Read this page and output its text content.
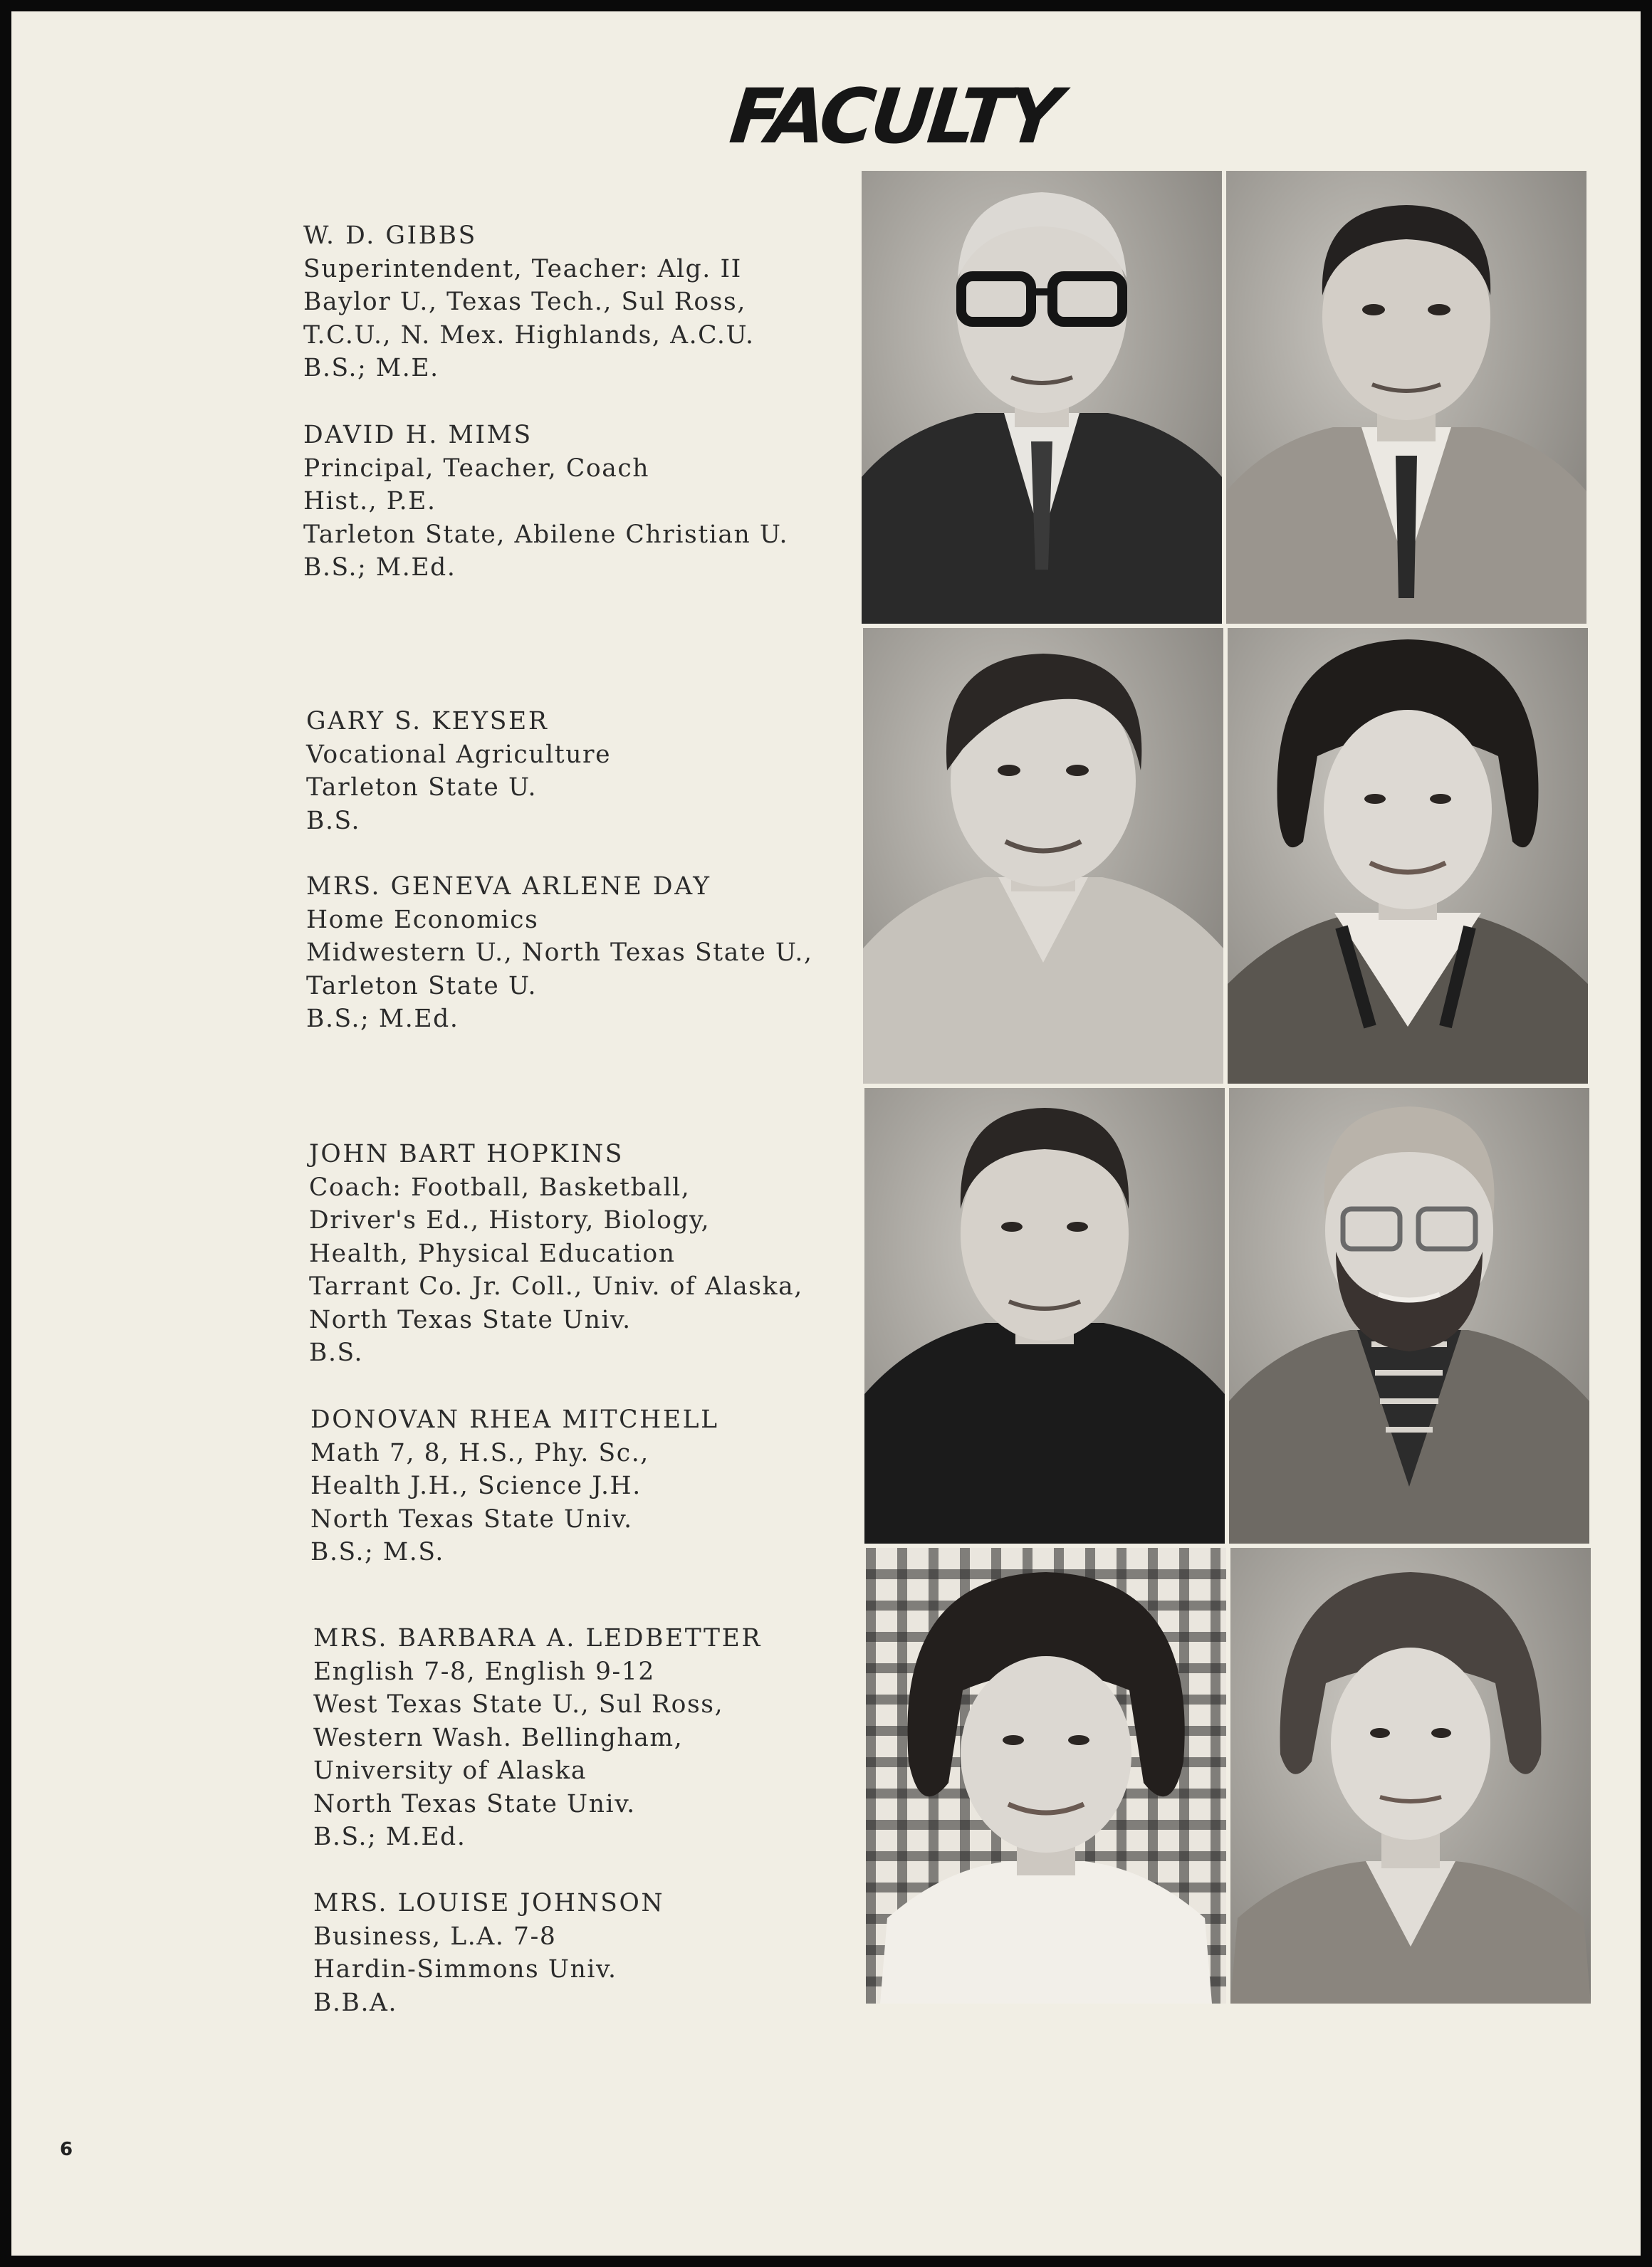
FACULTY
W. D. GIBBS
Superintendent, Teacher: Alg. II
Baylor U., Texas Tech., Sul Ross,
T.C.U., N. Mex. Highlands, A.C.U.
B.S.; M.E.
DAVID H. MIMS
Principal, Teacher, Coach
Hist., P.E.
Tarleton State, Abilene Christian U.
B.S.; M.Ed.
GARY S. KEYSER
Vocational Agriculture
Tarleton State U.
B.S.
MRS. GENEVA ARLENE DAY
Home Economics
Midwestern U., North Texas State U.,
Tarleton State U.
B.S.; M.Ed.
JOHN BART HOPKINS
Coach: Football, Basketball,
Driver's Ed., History, Biology,
Health, Physical Education
Tarrant Co. Jr. Coll., Univ. of Alaska,
North Texas State Univ.
B.S.
DONOVAN RHEA MITCHELL
Math 7, 8, H.S., Phy. Sc.,
Health J.H., Science J.H.
North Texas State Univ.
B.S.; M.S.
MRS. BARBARA A. LEDBETTER
English 7-8, English 9-12
West Texas State U., Sul Ross,
Western Wash. Bellingham,
University of Alaska
North Texas State Univ.
B.S.; M.Ed.
MRS. LOUISE JOHNSON
Business, L.A. 7-8
Hardin-Simmons Univ.
B.B.A.
6
